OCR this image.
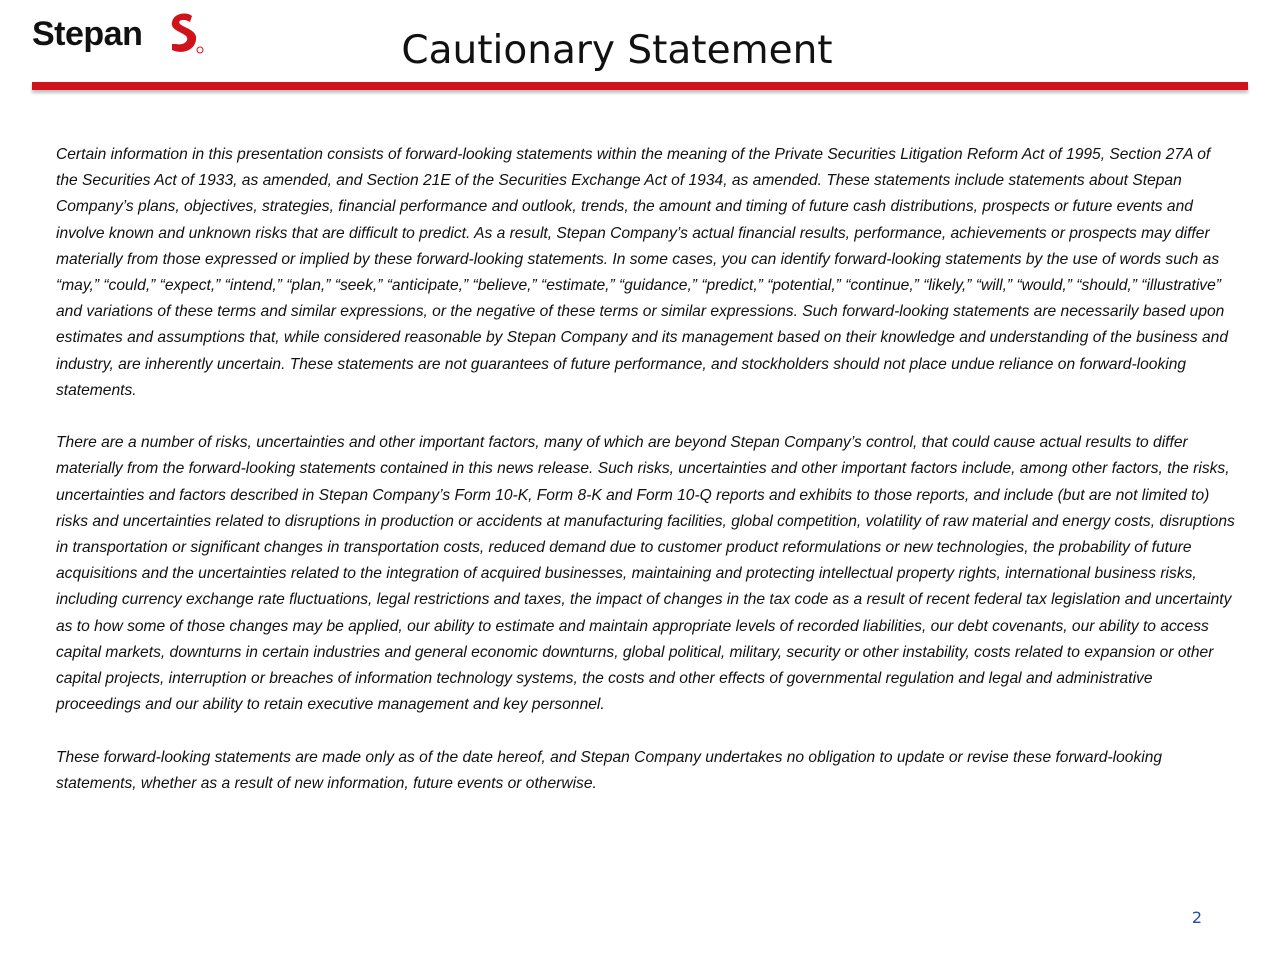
Stepan	Cautionary Statement

Certain information in this presentation consists of forward-looking statements within the meaning of the Private Securities Litigation Reform Act of 1995, Section 27A of the Securities Act of 1933, as amended, and Section 21E of the Securities Exchange Act of 1934, as amended. These statements include statements about Stepan Company’s plans, objectives, strategies, financial performance and outlook, trends, the amount and timing of future cash distributions, prospects or future events and involve known and unknown risks that are difficult to predict. As a result, Stepan Company’s actual financial results, performance, achievements or prospects may differ materially from those expressed or implied by these forward-looking statements. In some cases, you can identify forward-looking statements by the use of words such as “may,” “could,” “expect,” “intend,” “plan,” “seek,” “anticipate,” “believe,” “estimate,” “guidance,” “predict,” “potential,” “continue,” “likely,” “will,” “would,” “should,” “illustrative” and variations of these terms and similar expressions, or the negative of these terms or similar expressions. Such forward-looking statements are necessarily based upon estimates and assumptions that, while considered reasonable by Stepan Company and its management based on their knowledge and understanding of the business and industry, are inherently uncertain. These statements are not guarantees of future performance, and stockholders should not place undue reliance on forward-looking statements.

There are a number of risks, uncertainties and other important factors, many of which are beyond Stepan Company’s control, that could cause actual results to differ materially from the forward-looking statements contained in this news release. Such risks, uncertainties and other important factors include, among other factors, the risks, uncertainties and factors described in Stepan Company’s Form 10-K, Form 8-K and Form 10-Q reports and exhibits to those reports, and include (but are not limited to) risks and uncertainties related to disruptions in production or accidents at manufacturing facilities, global competition, volatility of raw material and energy costs, disruptions in transportation or significant changes in transportation costs, reduced demand due to customer product reformulations or new technologies, the probability of future acquisitions and the uncertainties related to the integration of acquired businesses, maintaining and protecting intellectual property rights, international business risks, including currency exchange rate fluctuations, legal restrictions and taxes, the impact of changes in the tax code as a result of recent federal tax legislation and uncertainty as to how some of those changes may be applied, our ability to estimate and maintain appropriate levels of recorded liabilities, our debt covenants, our ability to access capital markets, downturns in certain industries and general economic downturns, global political, military, security or other instability, costs related to expansion or other capital projects, interruption or breaches of information technology systems, the costs and other effects of governmental regulation and legal and administrative proceedings and our ability to retain executive management and key personnel.

These forward-looking statements are made only as of the date hereof, and Stepan Company undertakes no obligation to update or revise these forward-looking statements, whether as a result of new information, future events or otherwise.

2
